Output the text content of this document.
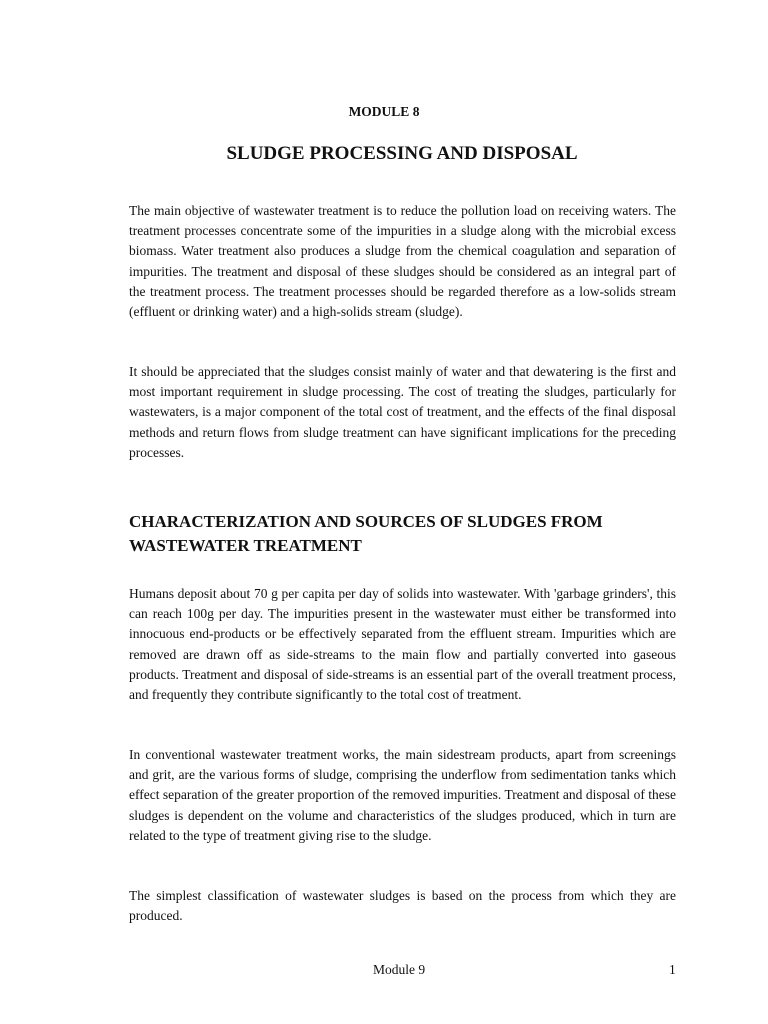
MODULE 8
SLUDGE PROCESSING AND DISPOSAL

The main objective of wastewater treatment is to reduce the pollution load on receiving waters. The treatment processes concentrate some of the impurities in a sludge along with the microbial excess biomass. Water treatment also produces a sludge from the chemical coagulation and separation of impurities. The treatment and disposal of these sludges should be considered as an integral part of the treatment process. The treatment processes should be regarded therefore as a low-solids stream (effluent or drinking water) and a high-solids stream (sludge).

It should be appreciated that the sludges consist mainly of water and that dewatering is the first and most important requirement in sludge processing. The cost of treating the sludges, particularly for wastewaters, is a major component of the total cost of treatment, and the effects of the final disposal methods and return flows from sludge treatment can have significant implications for the preceding processes.

CHARACTERIZATION AND SOURCES OF SLUDGES FROM WASTEWATER TREATMENT

Humans deposit about 70 g per capita per day of solids into wastewater. With 'garbage grinders', this can reach 100g per day. The impurities present in the wastewater must either be transformed into innocuous end-products or be effectively separated from the effluent stream. Impurities which are removed are drawn off as side-streams to the main flow and partially converted into gaseous products. Treatment and disposal of side-streams is an essential part of the overall treatment process, and frequently they contribute significantly to the total cost of treatment.

In conventional wastewater treatment works, the main sidestream products, apart from screenings and grit, are the various forms of sludge, comprising the underflow from sedimentation tanks which effect separation of the greater proportion of the removed impurities. Treatment and disposal of these sludges is dependent on the volume and characteristics of the sludges produced, which in turn are related to the type of treatment giving rise to the sludge.

The simplest classification of wastewater sludges is based on the process from which they are produced.

Module 9	1
